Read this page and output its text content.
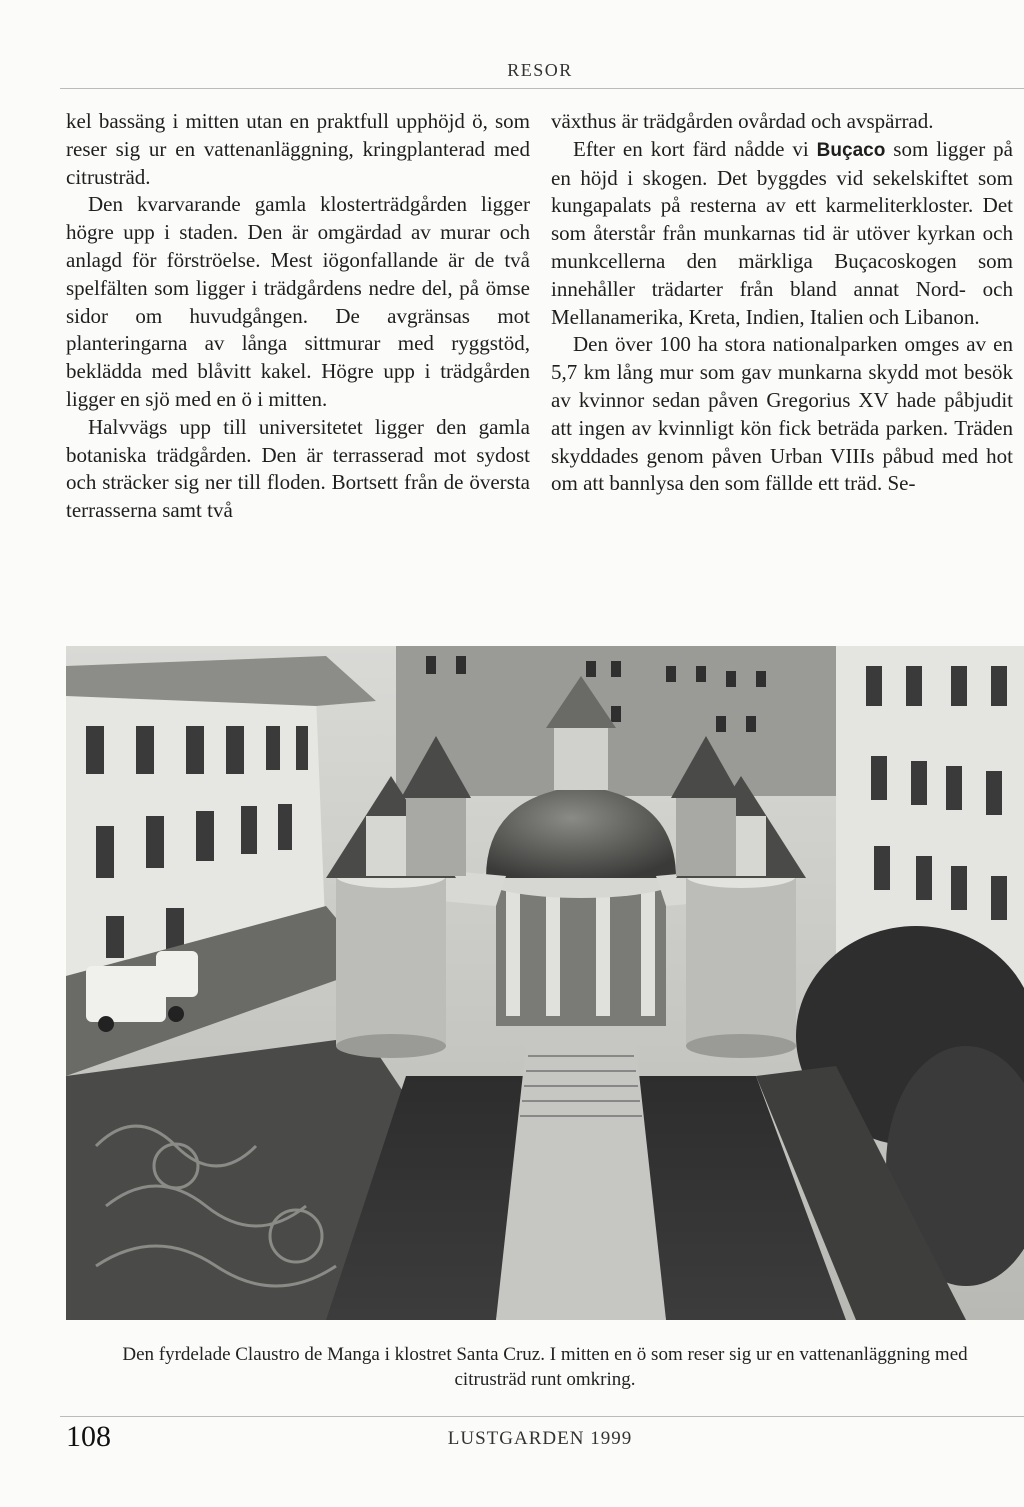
RESOR

kel bassäng i mitten utan en praktfull upphöjd ö, som reser sig ur en vattenanläggning, kringplanterad med citrusträd.

Den kvarvarande gamla klosterträdgården ligger högre upp i staden. Den är omgärdad av murar och anlagd för förströelse. Mest iögonfallande är de två spelfälten som ligger i trädgårdens nedre del, på ömse sidor om huvudgången. De avgränsas mot planteringarna av långa sittmurar med ryggstöd, beklädda med blåvitt kakel. Högre upp i trädgården ligger en sjö med en ö i mitten.

Halvvägs upp till universitetet ligger den gamla botaniska trädgården. Den är terrasserad mot sydost och sträcker sig ner till floden. Bortsett från de översta terrasserna samt två

växthus är trädgården ovårdad och avspärrad.

Efter en kort färd nådde vi Buçaco som ligger på en höjd i skogen. Det byggdes vid sekelskiftet som kungapalats på resterna av ett karmeliterkloster. Det som återstår från munkarnas tid är utöver kyrkan och munkcellerna den märkliga Buçacoskogen som innehåller trädarter från bland annat Nord- och Mellanamerika, Kreta, Indien, Italien och Libanon.

Den över 100 ha stora nationalparken omges av en 5,7 km lång mur som gav munkarna skydd mot besök av kvinnor sedan påven Gregorius XV hade påbjudit att ingen av kvinnligt kön fick beträda parken. Träden skyddades genom påven Urban VIIIs påbud med hot om att bannlysa den som fällde ett träd. Se-

Den fyrdelade Claustro de Manga i klostret Santa Cruz. I mitten en ö som reser sig ur en vattenanläggning med citrusträd runt omkring.
108	LUSTGARDEN 1999
